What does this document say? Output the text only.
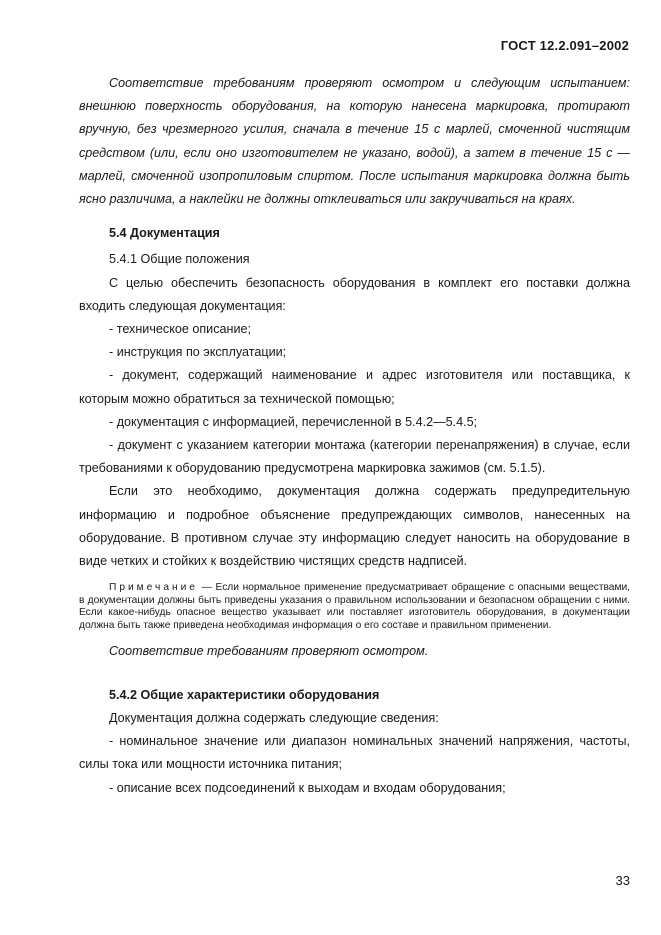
ГОСТ 12.2.091–2002

Соответствие требованиям проверяют осмотром и следующим испытанием: внешнюю поверхность оборудования, на которую нанесена маркировка, протирают вручную, без чрезмерного усилия, сначала в течение 15 с марлей, смоченной чистящим средством (или, если оно изготовителем не указано, водой), а затем в течение 15 с — марлей, смоченной изопропиловым спиртом. После испытания маркировка должна быть ясно различима, а наклейки не должны отклеиваться или закручиваться на краях.

5.4 Документация

5.4.1 Общие положения

С целью обеспечить безопасность оборудования в комплект его поставки должна входить следующая документация:

- техническое описание;

- инструкция по эксплуатации;

- документ, содержащий наименование и адрес изготовителя или поставщика, к которым можно обратиться за технической помощью;

- документация с информацией, перечисленной в 5.4.2—5.4.5;

- документ с указанием категории монтажа (категории перенапряжения) в случае, если требованиями к оборудованию предусмотрена маркировка зажимов (см. 5.1.5).

Если это необходимо, документация должна содержать предупредительную информацию и подробное объяснение предупреждающих символов, нанесенных на оборудование. В противном случае эту информацию следует наносить на оборудование в виде четких и стойких к воздействию чистящих средств надписей.

Примечание — Если нормальное применение предусматривает обращение с опасными веществами, в документации должны быть приведены указания о правильном использовании и безопасном обращении с ними. Если какое-нибудь опасное вещество указывает или поставляет изготовитель оборудования, в документации должна быть также приведена необходимая информация о его составе и правильном применении.

Соответствие требованиям проверяют осмотром.

5.4.2 Общие характеристики оборудования

Документация должна содержать следующие сведения:

- номинальное значение или диапазон номинальных значений напряжения, частоты, силы тока или мощности источника питания;

- описание всех подсоединений к выходам и входам оборудования;

33
